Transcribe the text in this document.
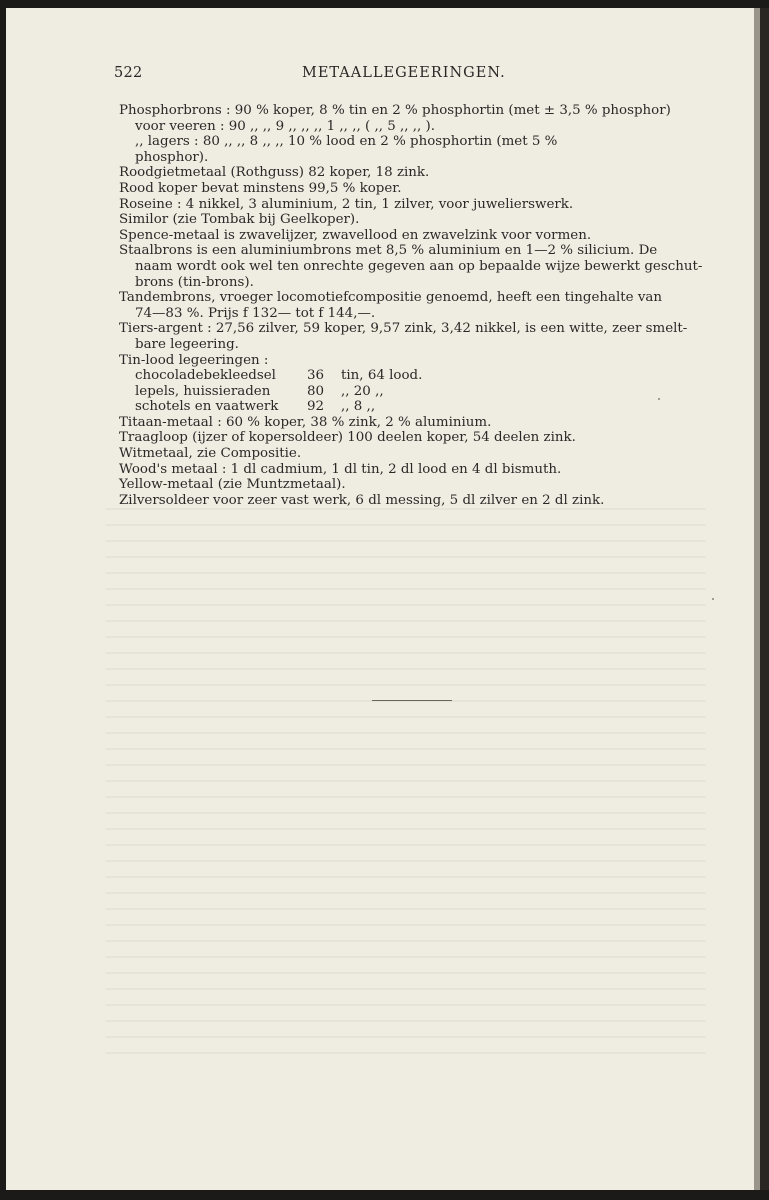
522	METAALLEGEERINGEN.
Phosphorbrons : 90 % koper, 8 % tin en 2 % phosphortin (met ± 3,5 % phosphor)
voor veeren : 90 ,, ,, 9 ,, ,, ,, 1 ,, ,, ( ,, 5 ,, ,, ).
,, lagers : 80 ,, ,, 8 ,, ,, 10 % lood en 2 % phosphortin (met 5 %
phosphor).
Roodgietmetaal (Rothguss) 82 koper, 18 zink.
Rood koper bevat minstens 99,5 % koper.
Roseine : 4 nikkel, 3 aluminium, 2 tin, 1 zilver, voor juwelierswerk.
Similor (zie Tombak bij Geelkoper).
Spence-metaal is zwavelijzer, zwavellood en zwavelzink voor vormen.
Staalbrons is een aluminiumbrons met 8,5 % aluminium en 1—2 % silicium. De
naam wordt ook wel ten onrechte gegeven aan op bepaalde wijze bewerkt geschut-
brons (tin-brons).
Tandembrons, vroeger locomotiefcompositie genoemd, heeft een tingehalte van
74—83 %. Prijs f 132— tot f 144,—.
Tiers-argent : 27,56 zilver, 59 koper, 9,57 zink, 3,42 nikkel, is een witte, zeer smelt-
bare legeering.
Tin-lood legeeringen :
chocoladebekleedsel	36	tin, 64 lood.
lepels, huissieraden	80	,, 20 ,,
schotels en vaatwerk	92	,, 8 ,,
Titaan-metaal : 60 % koper, 38 % zink, 2 % aluminium.
Traagloop (ijzer of kopersoldeer) 100 deelen koper, 54 deelen zink.
Witmetaal, zie Compositie.
Wood's metaal : 1 dl cadmium, 1 dl tin, 2 dl lood en 4 dl bismuth.
Yellow-metaal (zie Muntzmetaal).
Zilversoldeer voor zeer vast werk, 6 dl messing, 5 dl zilver en 2 dl zink.
